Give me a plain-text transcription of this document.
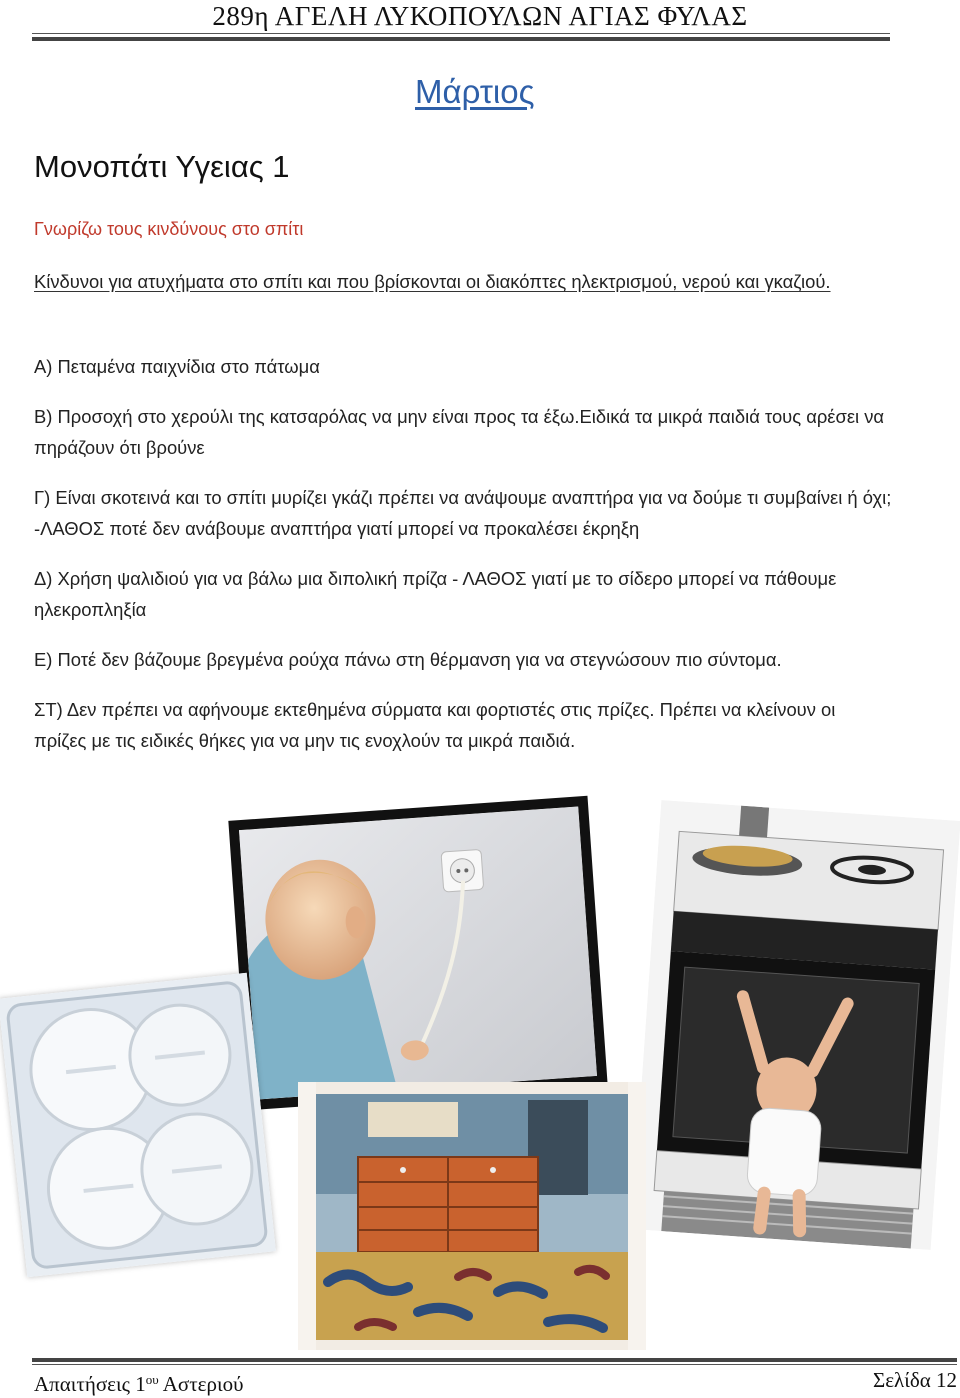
289η ΑΓΕΛΗ ΛΥΚΟΠΟΥΛΩΝ ΑΓΙΑΣ ΦΥΛΑΣ
Μάρτιος
Μονοπάτι Υγειας 1
Γνωρίζω τους κινδύνους στο σπίτι
Κίνδυνοι για ατυχήματα στο σπίτι και που βρίσκονται οι διακόπτες ηλεκτρισμού, νερού και γκαζιού.
Α) Πεταμένα παιχνίδια στο πάτωμα
Β) Προσοχή στο χερούλι της κατσαρόλας να μην είναι προς τα έξω.Ειδικά τα μικρά παιδιά τους αρέσει να πηράζουν ότι βρούνε
Γ) Είναι σκοτεινά και το σπίτι μυρίζει γκάζι πρέπει να ανάψουμε αναπτήρα για να δούμε τι συμβαίνει ή όχι; -ΛΑΘΟΣ ποτέ δεν ανάβουμε αναπτήρα γιατί μπορεί να προκαλέσει έκρηξη
Δ) Χρήση ψαλιδιού για να βάλω μια διπολική πρίζα - ΛΑΘΟΣ γιατί με το σίδερο μπορεί να πάθουμε ηλεκροπληξία
Ε) Ποτέ δεν βάζουμε βρεγμένα ρούχα πάνω στη θέρμανση για να στεγνώσουν πιο σύντομα.
ΣΤ) Δεν πρέπει να αφήνουμε εκτεθημένα σύρματα και φορτιστές στις πρίζες. Πρέπει να κλείνουν οι πρίζες με τις ειδικές θήκες για να μην τις ενοχλούν τα μικρά παιδιά.
Απαιτήσεις $1^{o\upsilon}$ Αστεριού	Σελίδα 12
